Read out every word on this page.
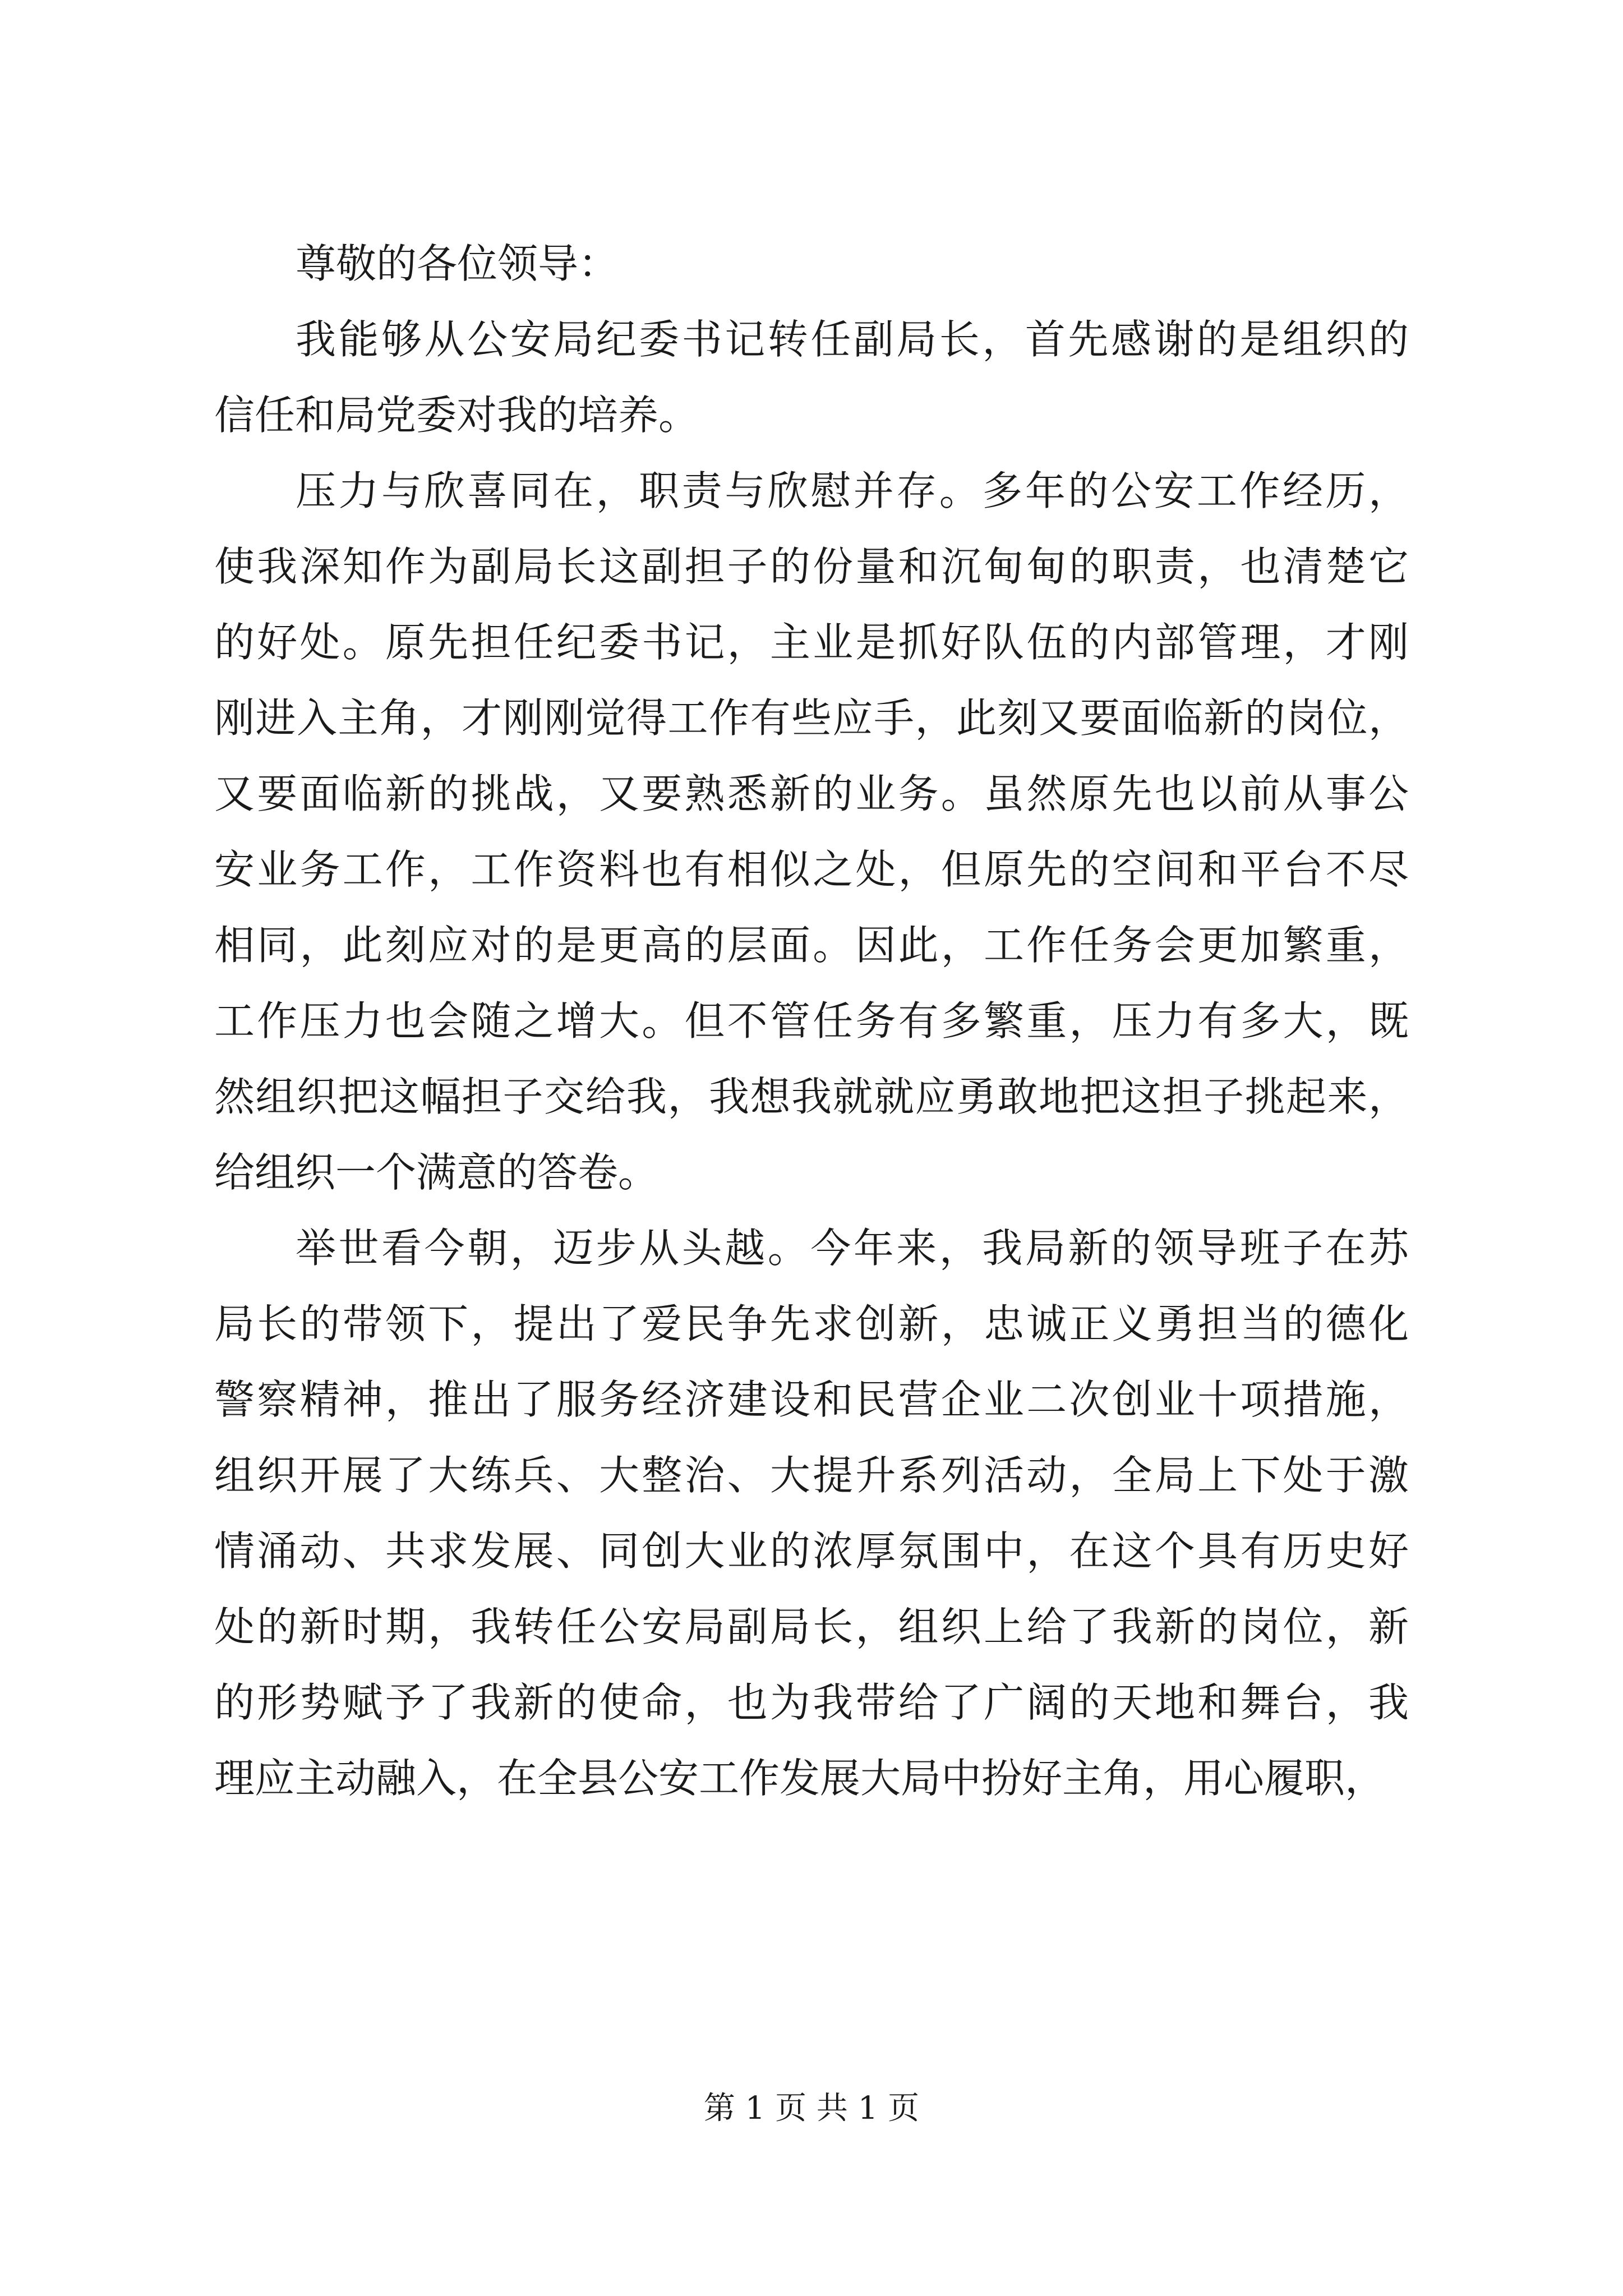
尊敬的各位领导：
我能够从公安局纪委书记转任副局长，首先感谢的是组织的
信任和局党委对我的培养。
压力与欣喜同在，职责与欣慰并存。多年的公安工作经历，
使我深知作为副局长这副担子的份量和沉甸甸的职责，也清楚它
的好处。原先担任纪委书记，主业是抓好队伍的内部管理，才刚
刚进入主角，才刚刚觉得工作有些应手，此刻又要面临新的岗位，
又要面临新的挑战，又要熟悉新的业务。虽然原先也以前从事公
安业务工作，工作资料也有相似之处，但原先的空间和平台不尽
相同，此刻应对的是更高的层面。因此，工作任务会更加繁重，
工作压力也会随之增大。但不管任务有多繁重，压力有多大，既
然组织把这幅担子交给我，我想我就就应勇敢地把这担子挑起来，
给组织一个满意的答卷。
举世看今朝，迈步从头越。今年来，我局新的领导班子在苏
局长的带领下，提出了爱民争先求创新，忠诚正义勇担当的德化
警察精神，推出了服务经济建设和民营企业二次创业十项措施，
组织开展了大练兵、大整治、大提升系列活动，全局上下处于激
情涌动、共求发展、同创大业的浓厚氛围中，在这个具有历史好
处的新时期，我转任公安局副局长，组织上给了我新的岗位，新
的形势赋予了我新的使命，也为我带给了广阔的天地和舞台，我
理应主动融入，在全县公安工作发展大局中扮好主角，用心履职，
第 1 页 共 1 页
